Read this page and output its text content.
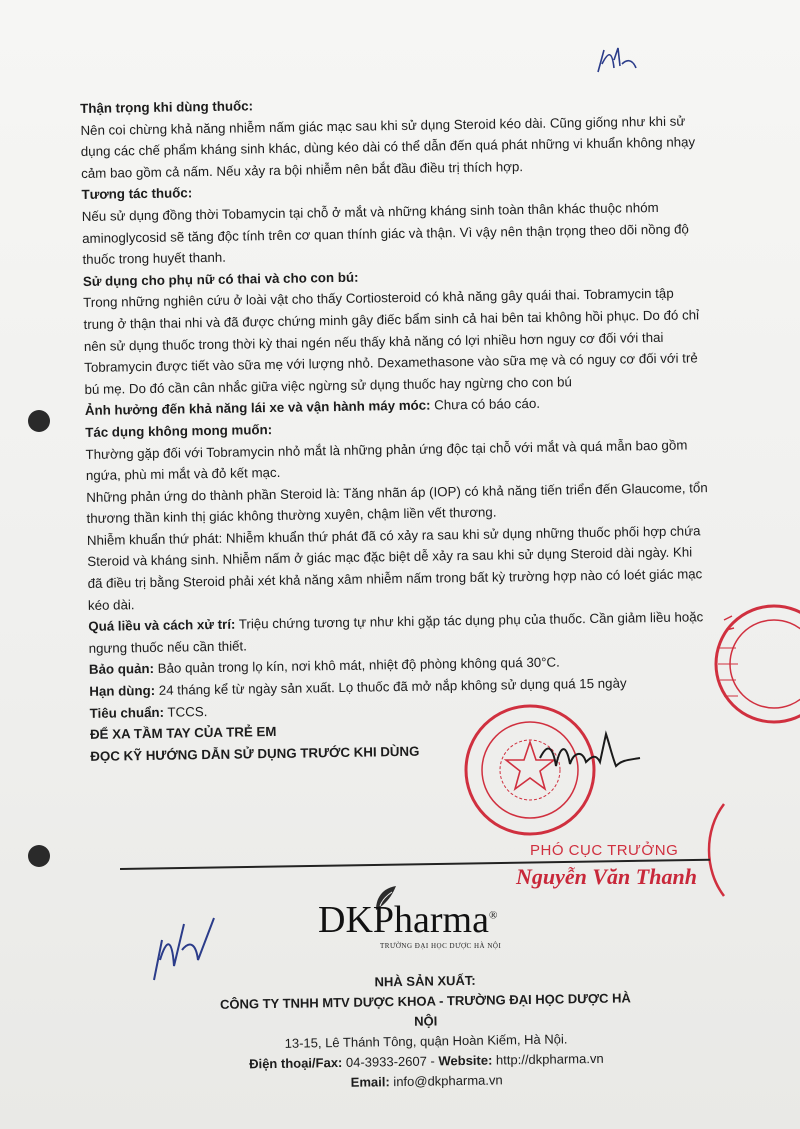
Thận trọng khi dùng thuốc:
Nên coi chừng khả năng nhiễm nấm giác mạc sau khi sử dụng Steroid kéo dài. Cũng giống như khi sử
dụng các chế phẩm kháng sinh khác, dùng kéo dài có thể dẫn đến quá phát những vi khuẩn không nhạy
cảm bao gồm cả nấm. Nếu xảy ra bội nhiễm nên bắt đầu điều trị thích hợp.
Tương tác thuốc:
Nếu sử dụng đồng thời Tobamycin tại chỗ ở mắt và những kháng sinh toàn thân khác thuộc nhóm
aminoglycosid sẽ tăng độc tính trên cơ quan thính giác và thận. Vì vậy nên thận trọng theo dõi nồng độ
thuốc trong huyết thanh.
Sử dụng cho phụ nữ có thai và cho con bú:
Trong những nghiên cứu ở loài vật cho thấy Cortiosteroid có khả năng gây quái thai. Tobramycin tập
trung ở thận thai nhi và đã được chứng minh gây điếc bẩm sinh cả hai bên tai không hồi phục. Do đó chỉ
nên sử dụng thuốc trong thời kỳ thai ngén nếu thấy khả năng có lợi nhiều hơn nguy cơ đối với thai
Tobramycin được tiết vào sữa mẹ với lượng nhỏ. Dexamethasone vào sữa mẹ và có nguy cơ đối với trẻ
bú mẹ. Do đó cần cân nhắc giữa việc ngừng sử dụng thuốc hay ngừng cho con bú
Ảnh hưởng đến khả năng lái xe và vận hành máy móc: Chưa có báo cáo.
Tác dụng không mong muốn:
Thường gặp đối với Tobramycin nhỏ mắt là những phản ứng độc tại chỗ với mắt và quá mẫn bao gồm
ngứa, phù mi mắt và đỏ kết mạc.
Những phản ứng do thành phần Steroid là: Tăng nhãn áp (IOP) có khả năng tiến triển đến Glaucome, tổn
thương thần kinh thị giác không thường xuyên, chậm liền vết thương.
Nhiễm khuẩn thứ phát: Nhiễm khuẩn thứ phát đã có xảy ra sau khi sử dụng những thuốc phối hợp chứa
Steroid và kháng sinh. Nhiễm nấm ở giác mạc đặc biệt dễ xảy ra sau khi sử dụng Steroid dài ngày. Khi
đã điều trị bằng Steroid phải xét khả năng xâm nhiễm nấm trong bất kỳ trường hợp nào có loét giác mạc
kéo dài.
Quá liều và cách xử trí: Triệu chứng tương tự như khi gặp tác dụng phụ của thuốc. Cần giảm liều hoặc
ngưng thuốc nếu cần thiết.
Bảo quản: Bảo quản trong lọ kín, nơi khô mát, nhiệt độ phòng không quá 30°C.
Hạn dùng: 24 tháng kể từ ngày sản xuất. Lọ thuốc đã mở nắp không sử dụng quá 15 ngày
Tiêu chuẩn: TCCS.
ĐỂ XA TẦM TAY CỦA TRẺ EM
ĐỌC KỸ HƯỚNG DẪN SỬ DỤNG TRƯỚC KHI DÙNG
PHÓ CỤC TRƯỞNG
Nguyễn Văn Thanh
DKPharma®
TRƯỜNG ĐẠI HỌC DƯỢC HÀ NỘI
NHÀ SẢN XUẤT:
CÔNG TY TNHH MTV DƯỢC KHOA - TRƯỜNG ĐẠI HỌC DƯỢC HÀ NỘI
13-15, Lê Thánh Tông, quận Hoàn Kiếm, Hà Nội.
Điện thoại/Fax: 04-3933-2607 - Website: http://dkpharma.vn
Email: info@dkpharma.vn
